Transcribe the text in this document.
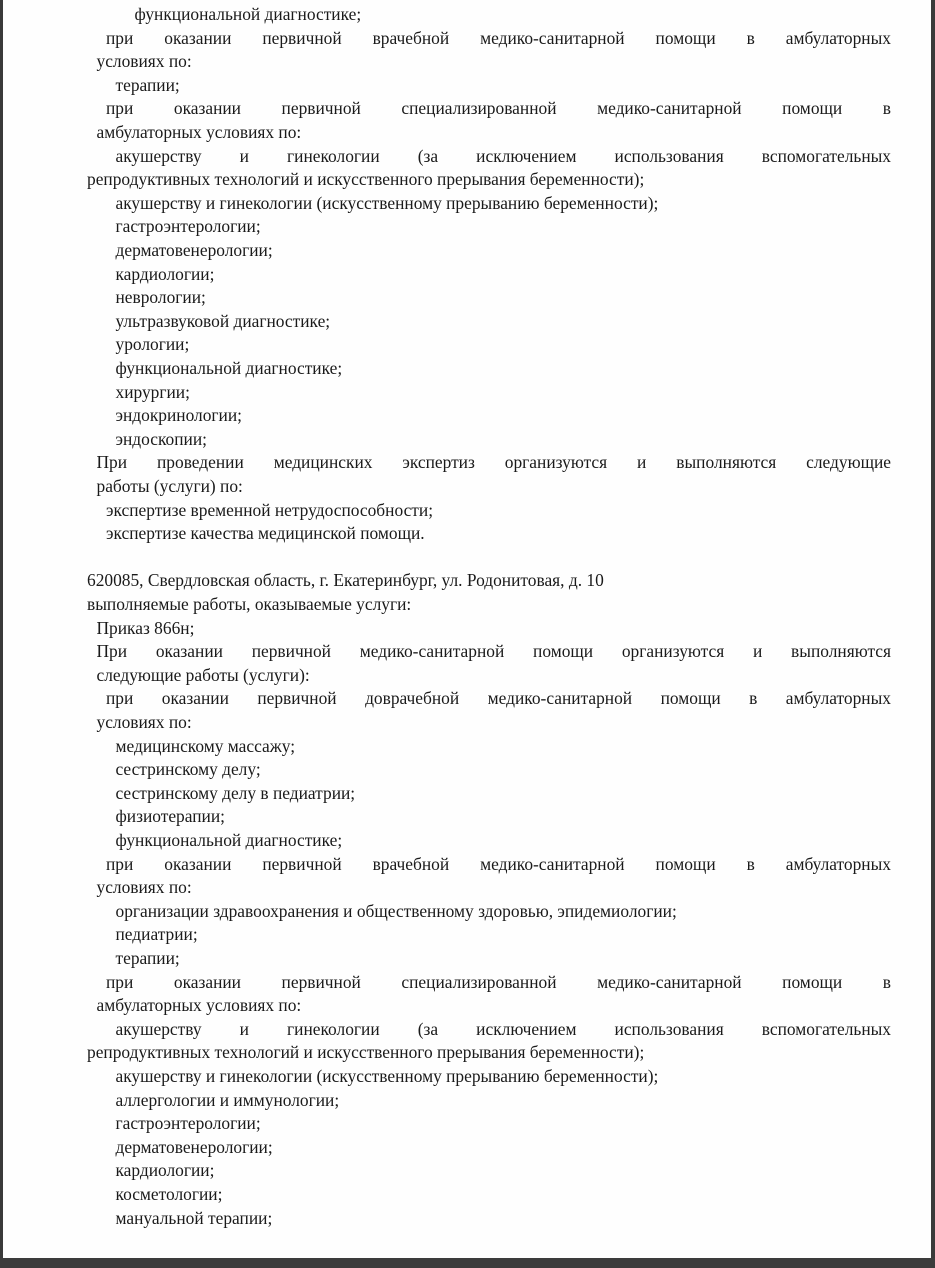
функциональной диагностике;
при оказании первичной врачебной медико-санитарной помощи в амбулаторных
условиях по:
терапии;
при оказании первичной специализированной медико-санитарной помощи в
амбулаторных условиях по:
акушерству и гинекологии (за исключением использования вспомогательных
репродуктивных технологий и искусственного прерывания беременности);
акушерству и гинекологии (искусственному прерыванию беременности);
гастроэнтерологии;
дерматовенерологии;
кардиологии;
неврологии;
ультразвуковой диагностике;
урологии;
функциональной диагностике;
хирургии;
эндокринологии;
эндоскопии;
При проведении медицинских экспертиз организуются и выполняются следующие
работы (услуги) по:
экспертизе временной нетрудоспособности;
экспертизе качества медицинской помощи.
620085, Свердловская область, г. Екатеринбург, ул. Родонитовая, д. 10
выполняемые работы, оказываемые услуги:
Приказ 866н;
При оказании первичной медико-санитарной помощи организуются и выполняются
следующие работы (услуги):
при оказании первичной доврачебной медико-санитарной помощи в амбулаторных
условиях по:
медицинскому массажу;
сестринскому делу;
сестринскому делу в педиатрии;
физиотерапии;
функциональной диагностике;
при оказании первичной врачебной медико-санитарной помощи в амбулаторных
условиях по:
организации здравоохранения и общественному здоровью, эпидемиологии;
педиатрии;
терапии;
при оказании первичной специализированной медико-санитарной помощи в
амбулаторных условиях по:
акушерству и гинекологии (за исключением использования вспомогательных
репродуктивных технологий и искусственного прерывания беременности);
акушерству и гинекологии (искусственному прерыванию беременности);
аллергологии и иммунологии;
гастроэнтерологии;
дерматовенерологии;
кардиологии;
косметологии;
мануальной терапии;
